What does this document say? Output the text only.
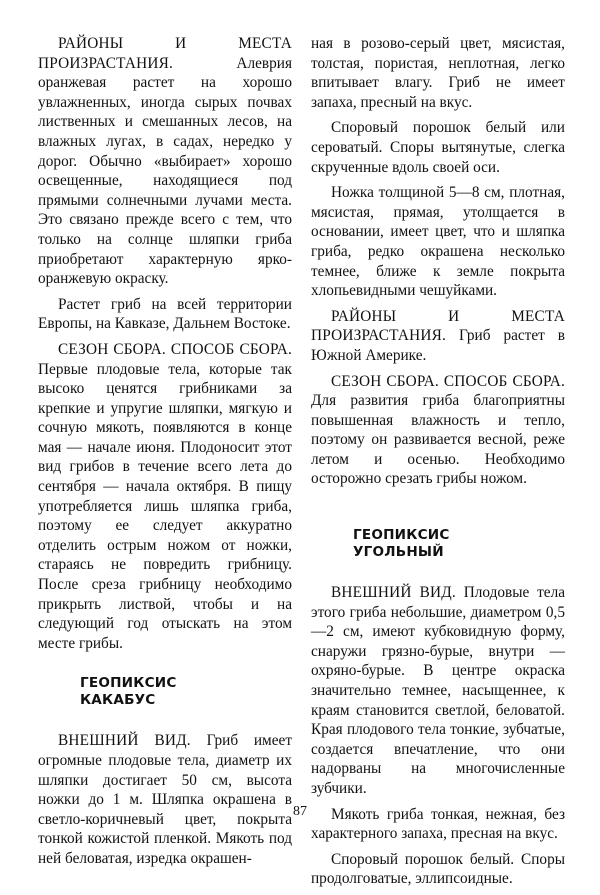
РАЙОНЫ И МЕСТА ПРОИЗРАСТАНИЯ.	Алеврия оранжевая растет на хорошо увлажненных, иногда сырых почвах лиственных и смешанных лесов, на влажных лугах, в садах, нередко у дорог. Обычно «выбирает» хорошо освещенные, находящиеся под прямыми солнечными лучами места. Это связано прежде всего с тем, что только на солнце шляпки гриба приобретают характерную ярко-оранжевую окраску.

Растет гриб на всей территории Европы, на Кавказе, Дальнем Востоке.

СЕЗОН СБОРА. СПОСОБ СБОРА. Первые плодовые тела, которые так высоко ценятся грибниками за крепкие и упругие шляпки, мягкую и сочную мякоть, появляются в конце мая — начале июня. Плодоносит этот вид грибов в течение всего лета до сентября — начала октября. В пищу употребляется лишь шляпка гриба, поэтому ее следует аккуратно отделить острым ножом от ножки, стараясь не повредить грибницу. После среза грибницу необходимо прикрыть листвой, чтобы и на следующий год отыскать на этом месте грибы.

ГЕОПИКСИС
КАКАБУС

ВНЕШНИЙ ВИД. Гриб имеет огромные плодовые тела, диаметр их шляпки достигает 50 см, высота ножки до 1 м. Шляпка окрашена в светло-коричневый цвет, покрыта тонкой кожистой пленкой. Мякоть под ней беловатая, изредка окрашен-

ная в розово-серый цвет, мясистая, толстая, пористая, неплотная, легко впитывает влагу. Гриб не имеет запаха, пресный на вкус.

Споровый порошок белый или сероватый. Споры вытянутые, слегка скрученные вдоль своей оси.

Ножка толщиной 5—8 см, плотная, мясистая, прямая, утолщается в основании, имеет цвет, что и шляпка гриба, редко окрашена несколько темнее, ближе к земле покрыта хлопьевидными чешуйками.

РАЙОНЫ И МЕСТА ПРОИЗРАСТАНИЯ. Гриб растет в Южной Америке.

СЕЗОН СБОРА. СПОСОБ СБОРА. Для развития гриба благоприятны повышенная влажность и тепло, поэтому он развивается весной, реже летом и осенью. Необходимо осторожно срезать грибы ножом.

ГЕОПИКСИС
УГОЛЬНЫЙ

ВНЕШНИЙ ВИД. Плодовые тела этого гриба небольшие, диаметром 0,5—2 см, имеют кубковидную форму, снаружи грязно-бурые, внутри — охряно-бурые. В центре окраска значительно темнее, насыщеннее, к краям становится светлой, беловатой. Края плодового тела тонкие, зубчатые, создается впечатление, что они надорваны на многочисленные зубчики.

Мякоть гриба тонкая, нежная, без характерного запаха, пресная на вкус.

Споровый порошок белый. Споры продолговатые, эллипсоидные.

87
